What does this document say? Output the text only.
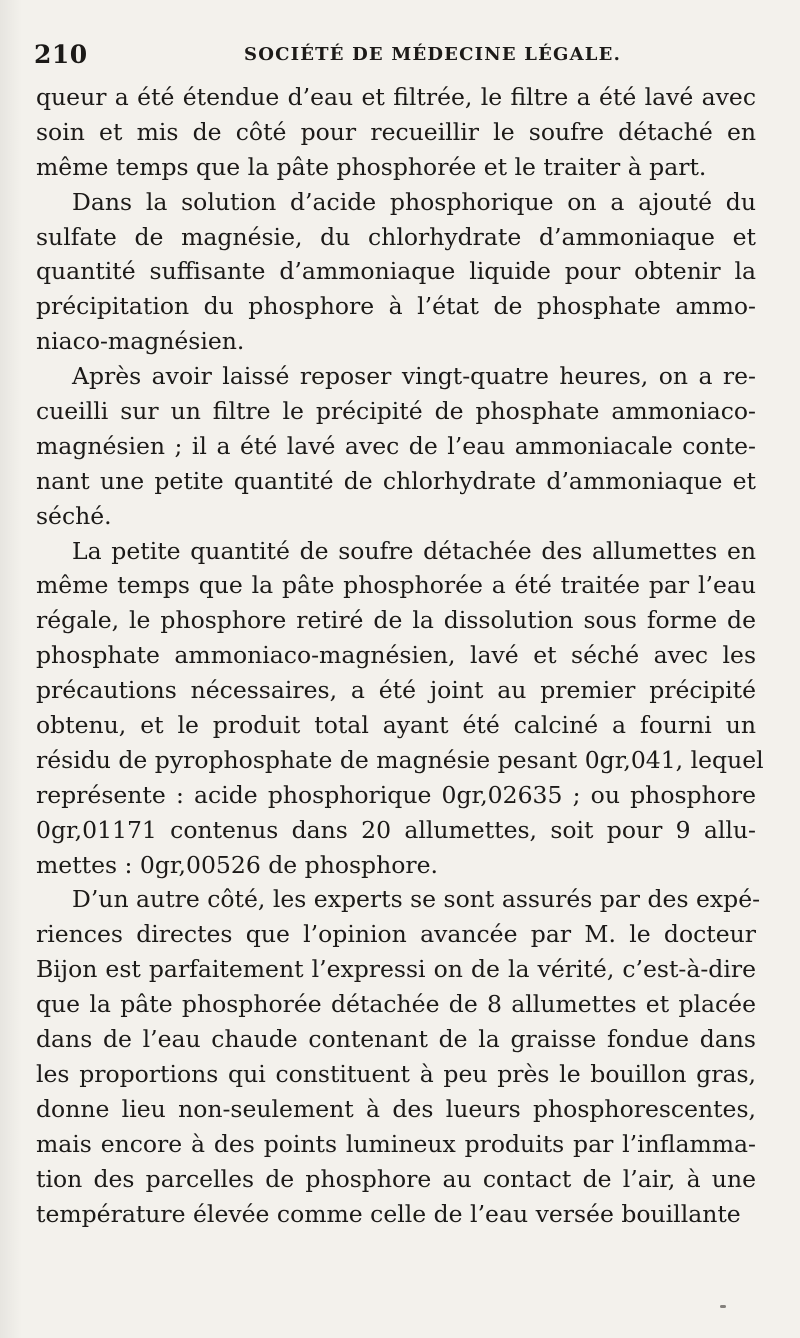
210	SOCIÉTÉ DE MÉDECINE LÉGALE.
queur a été étendue d’eau et filtrée, le filtre a été lavé avec
soin et mis de côté pour recueillir le soufre détaché en
même temps que la pâte phosphorée et le traiter à part.
Dans la solution d’acide phosphorique on a ajouté du
sulfate de magnésie, du chlorhydrate d’ammoniaque et
quantité suffisante d’ammoniaque liquide pour obtenir la
précipitation du phosphore à l’état de phosphate ammo-
niaco-magnésien.
Après avoir laissé reposer vingt-quatre heures, on a re-
cueilli sur un filtre le précipité de phosphate ammoniaco-
magnésien ; il a été lavé avec de l’eau ammoniacale conte-
nant une petite quantité de chlorhydrate d’ammoniaque et
séché.
La petite quantité de soufre détachée des allumettes en
même temps que la pâte phosphorée a été traitée par l’eau
régale, le phosphore retiré de la dissolution sous forme de
phosphate ammoniaco-magnésien, lavé et séché avec les
précautions nécessaires, a été joint au premier précipité
obtenu, et le produit total ayant été calciné a fourni un
résidu de pyrophosphate de magnésie pesant 0gr,041, lequel
représente : acide phosphorique 0gr,02635 ; ou phosphore
0gr,01171 contenus dans 20 allumettes, soit pour 9 allu-
mettes : 0gr,00526 de phosphore.
D’un autre côté, les experts se sont assurés par des expé-
riences directes que l’opinion avancée par M. le docteur
Bijon est parfaitement l’expressi on de la vérité, c’est-à-dire
que la pâte phosphorée détachée de 8 allumettes et placée
dans de l’eau chaude contenant de la graisse fondue dans
les proportions qui constituent à peu près le bouillon gras,
donne lieu non-seulement à des lueurs phosphorescentes,
mais encore à des points lumineux produits par l’inflamma-
tion des parcelles de phosphore au contact de l’air, à une
température élevée comme celle de l’eau versée bouillante
